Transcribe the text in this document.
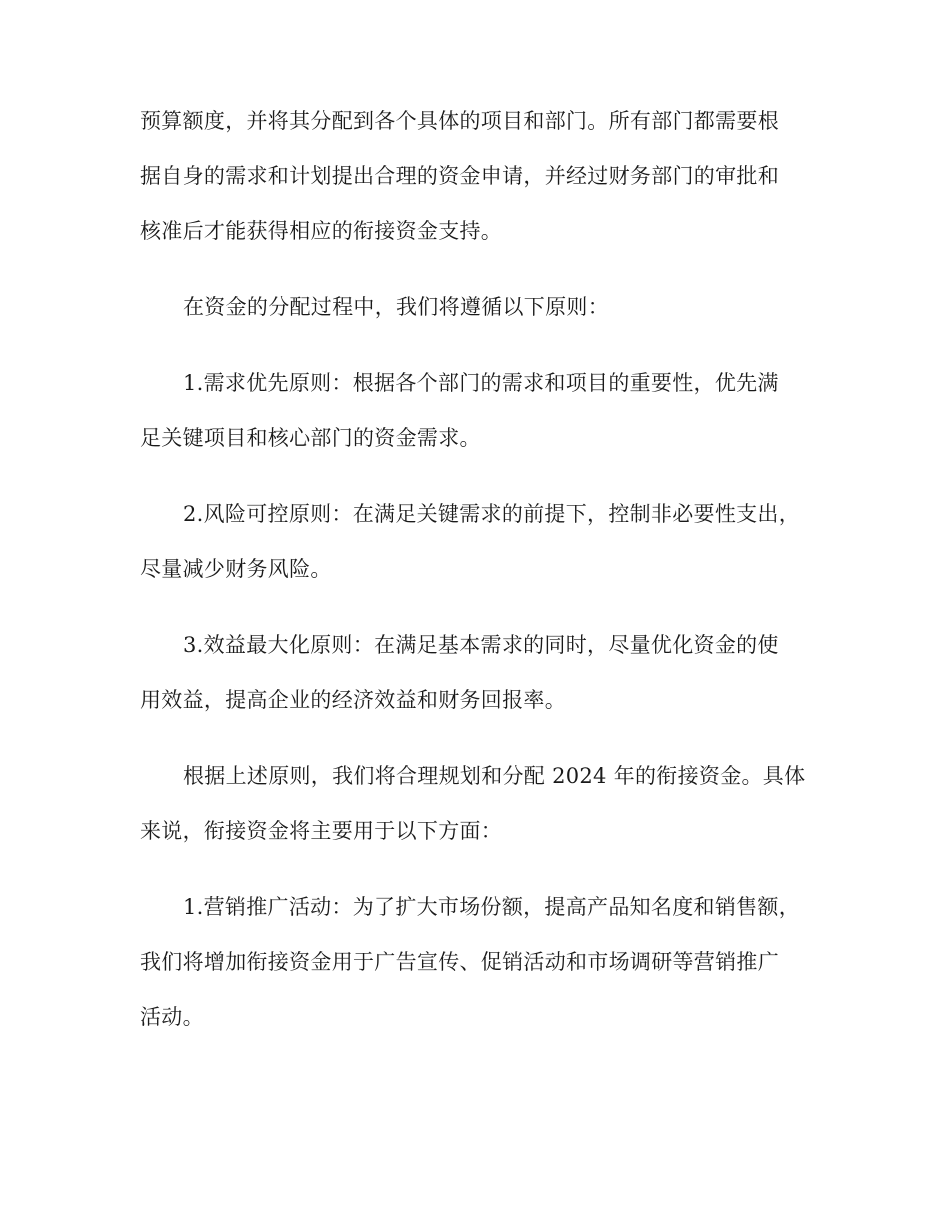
预算额度，并将其分配到各个具体的项目和部门。所有部门都需要根
据自身的需求和计划提出合理的资金申请，并经过财务部门的审批和
核准后才能获得相应的衔接资金支持。
在资金的分配过程中，我们将遵循以下原则：
1.需求优先原则：根据各个部门的需求和项目的重要性，优先满
足关键项目和核心部门的资金需求。
2.风险可控原则：在满足关键需求的前提下，控制非必要性支出，
尽量减少财务风险。
3.效益最大化原则：在满足基本需求的同时，尽量优化资金的使
用效益，提高企业的经济效益和财务回报率。
根据上述原则，我们将合理规划和分配 2024 年的衔接资金。具体
来说，衔接资金将主要用于以下方面：
1.营销推广活动：为了扩大市场份额，提高产品知名度和销售额，
我们将增加衔接资金用于广告宣传、促销活动和市场调研等营销推广
活动。
